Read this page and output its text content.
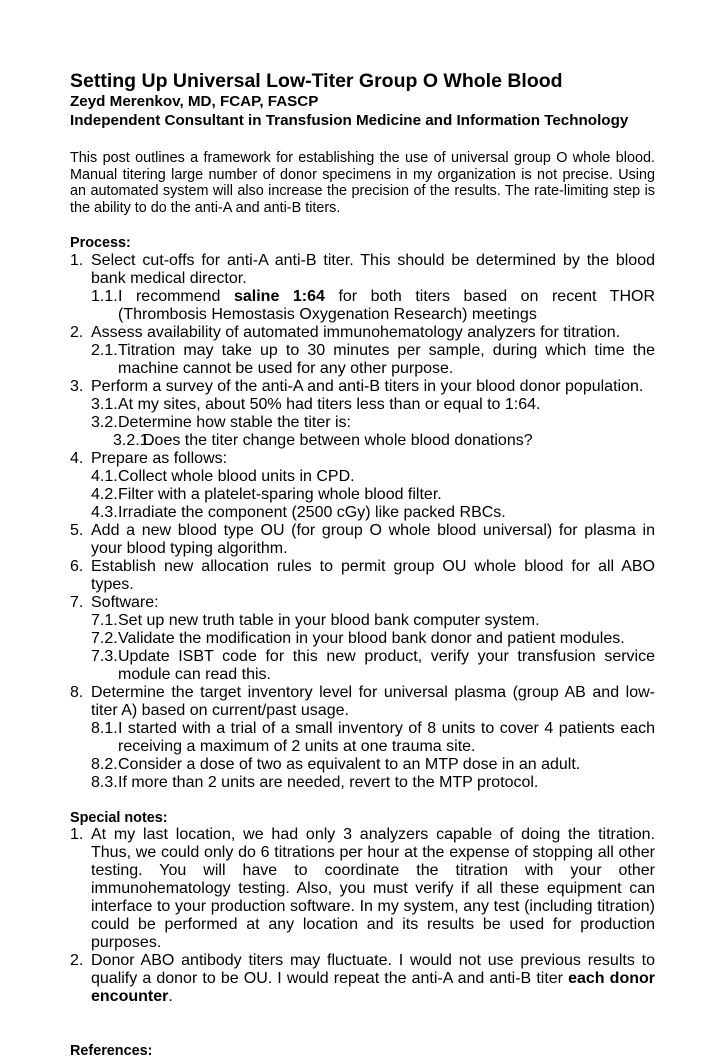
Setting Up Universal Low-Titer Group O Whole Blood
Zeyd Merenkov, MD, FCAP, FASCP
Independent Consultant in Transfusion Medicine and Information Technology

This post outlines a framework for establishing the use of universal group O whole blood. Manual titering large number of donor specimens in my organization is not precise. Using an automated system will also increase the precision of the results. The rate-limiting step is the ability to do the anti-A and anti-B titers.

Process:
1. Select cut-offs for anti-A anti-B titer. This should be determined by the blood bank medical director.
1.1. I recommend saline 1:64 for both titers based on recent THOR (Thrombosis Hemostasis Oxygenation Research) meetings
2. Assess availability of automated immunohematology analyzers for titration.
2.1. Titration may take up to 30 minutes per sample, during which time the machine cannot be used for any other purpose.
3. Perform a survey of the anti-A and anti-B titers in your blood donor population.
3.1. At my sites, about 50% had titers less than or equal to 1:64.
3.2. Determine how stable the titer is:
3.2.1.
Does the titer change between whole blood donations?
4. Prepare as follows:
4.1. Collect whole blood units in CPD.
4.2. Filter with a platelet-sparing whole blood filter.
4.3. Irradiate the component (2500 cGy) like packed RBCs.
5. Add a new blood type OU (for group O whole blood universal) for plasma in your blood typing algorithm.
6. Establish new allocation rules to permit group OU whole blood for all ABO types.
7. Software:
7.1. Set up new truth table in your blood bank computer system.
7.2. Validate the modification in your blood bank donor and patient modules.
7.3. Update ISBT code for this new product, verify your transfusion service module can read this.
8. Determine the target inventory level for universal plasma (group AB and low-titer A) based on current/past usage.
8.1. I started with a trial of a small inventory of 8 units to cover 4 patients each receiving a maximum of 2 units at one trauma site.
8.2. Consider a dose of two as equivalent to an MTP dose in an adult.
8.3. If more than 2 units are needed, revert to the MTP protocol.
Special notes:
1. At my last location, we had only 3 analyzers capable of doing the titration. Thus, we could only do 6 titrations per hour at the expense of stopping all other testing. You will have to coordinate the titration with your other immunohematology testing. Also, you must verify if all these equipment can interface to your production software. In my system, any test (including titration) could be performed at any location and its results be used for production purposes.
2. Donor ABO antibody titers may fluctuate. I would not use previous results to qualify a donor to be OU. I would repeat the anti-A and anti-B titer each donor encounter.
References:
